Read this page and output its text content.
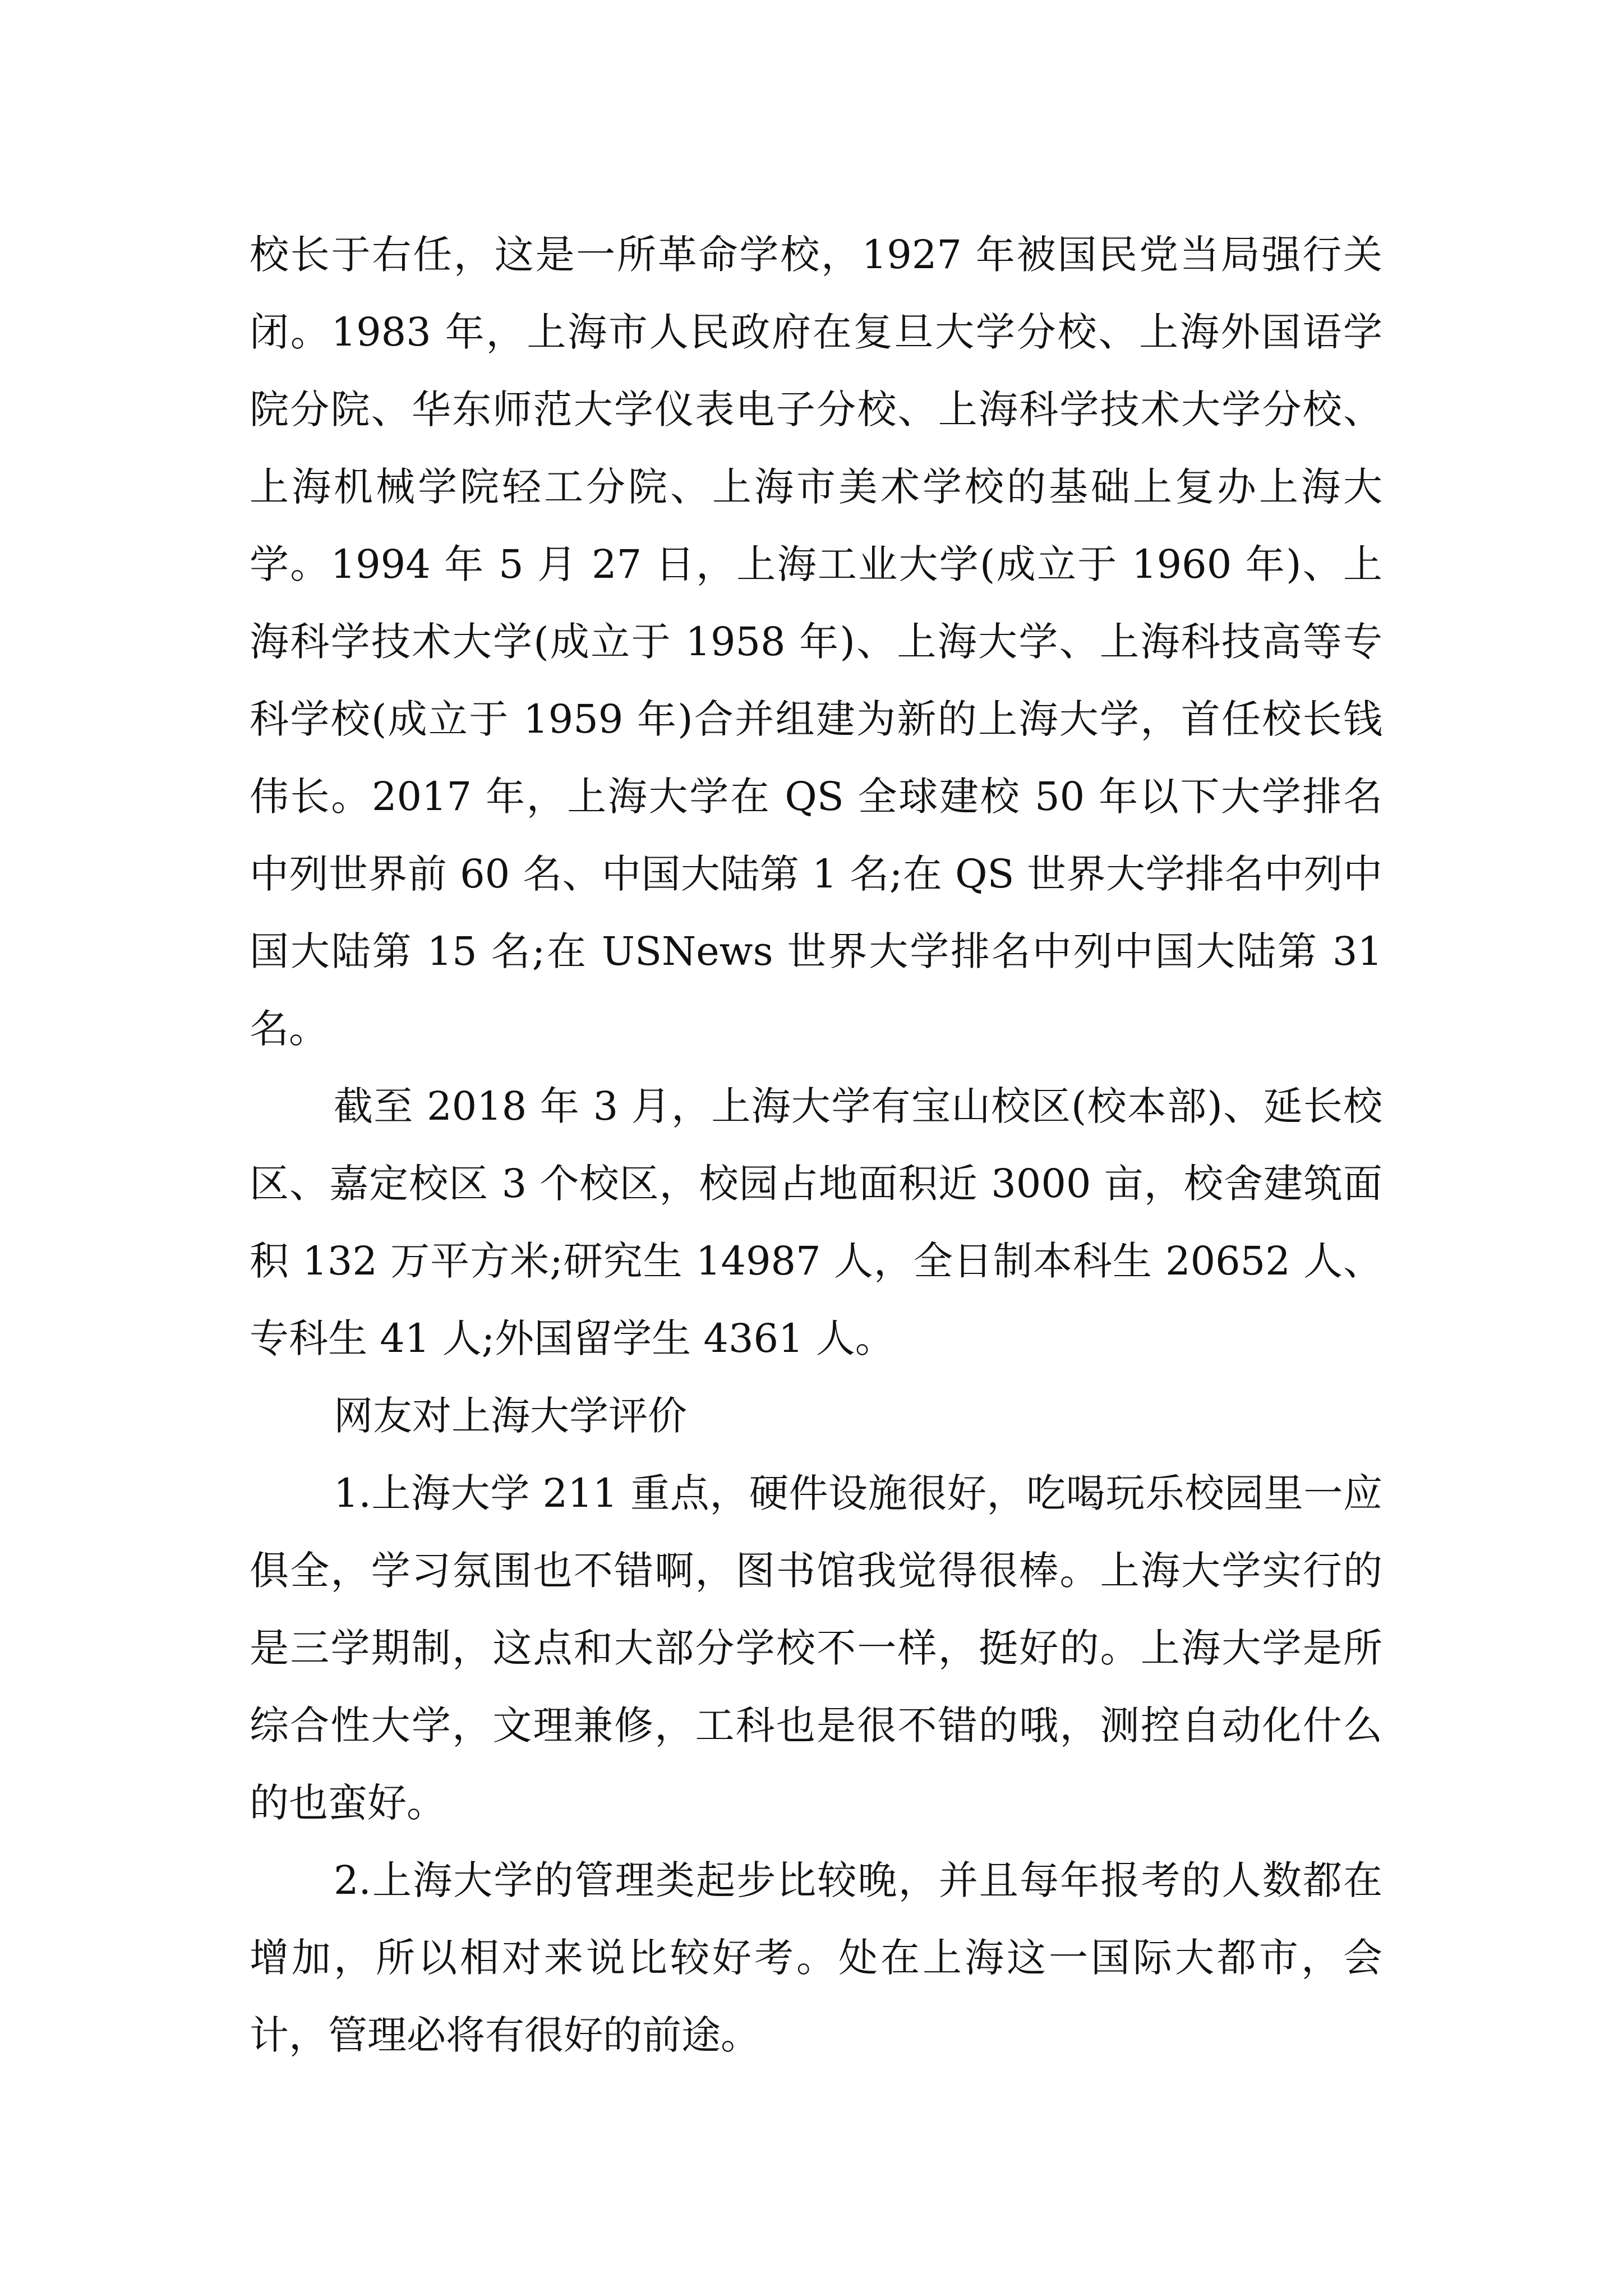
校长于右任，这是一所革命学校，1927 年被国民党当局强行关闭。1983 年，上海市人民政府在复旦大学分校、上海外国语学院分院、华东师范大学仪表电子分校、上海科学技术大学分校、上海机械学院轻工分院、上海市美术学校的基础上复办上海大学。1994 年 5 月 27 日，上海工业大学(成立于 1960 年)、上海科学技术大学(成立于 1958 年)、上海大学、上海科技高等专科学校(成立于 1959 年)合并组建为新的上海大学，首任校长钱伟长。2017 年，上海大学在 QS 全球建校 50 年以下大学排名中列世界前 60 名、中国大陆第 1 名;在 QS 世界大学排名中列中国大陆第 15 名;在 USNews 世界大学排名中列中国大陆第 31 名。

截至 2018 年 3 月，上海大学有宝山校区(校本部)、延长校区、嘉定校区 3 个校区，校园占地面积近 3000 亩，校舍建筑面积 132 万平方米;研究生 14987 人，全日制本科生 20652 人、专科生 41 人;外国留学生 4361 人。

网友对上海大学评价

1.上海大学 211 重点，硬件设施很好，吃喝玩乐校园里一应俱全，学习氛围也不错啊，图书馆我觉得很棒。上海大学实行的是三学期制，这点和大部分学校不一样，挺好的。上海大学是所综合性大学，文理兼修，工科也是很不错的哦，测控自动化什么的也蛮好。

2.上海大学的管理类起步比较晚，并且每年报考的人数都在增加，所以相对来说比较好考。处在上海这一国际大都市，会计，管理必将有很好的前途。
